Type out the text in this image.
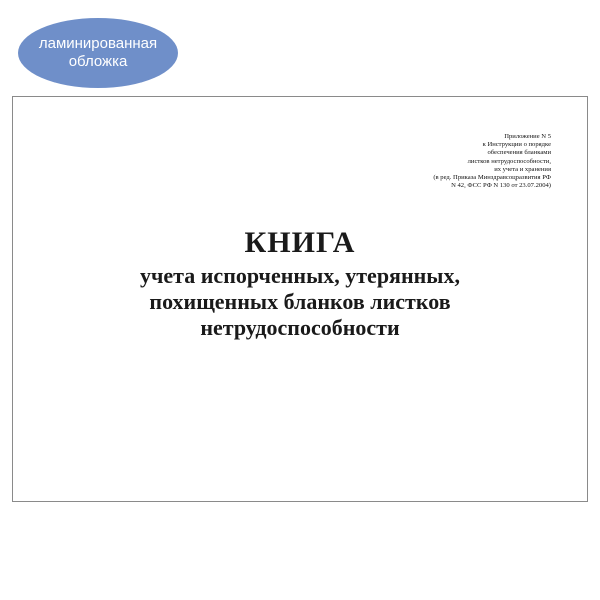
ламинированная
обложка
Приложение N 5
к Инструкции о порядке
обеспечения бланками
листков нетрудоспособности,
их учета и хранения
(в ред. Приказа Минздравсоцразвития РФ
N 42, ФСС РФ N 130 от 23.07.2004)
КНИГА
учета испорченных, утерянных,
похищенных бланков листков
нетрудоспособности
